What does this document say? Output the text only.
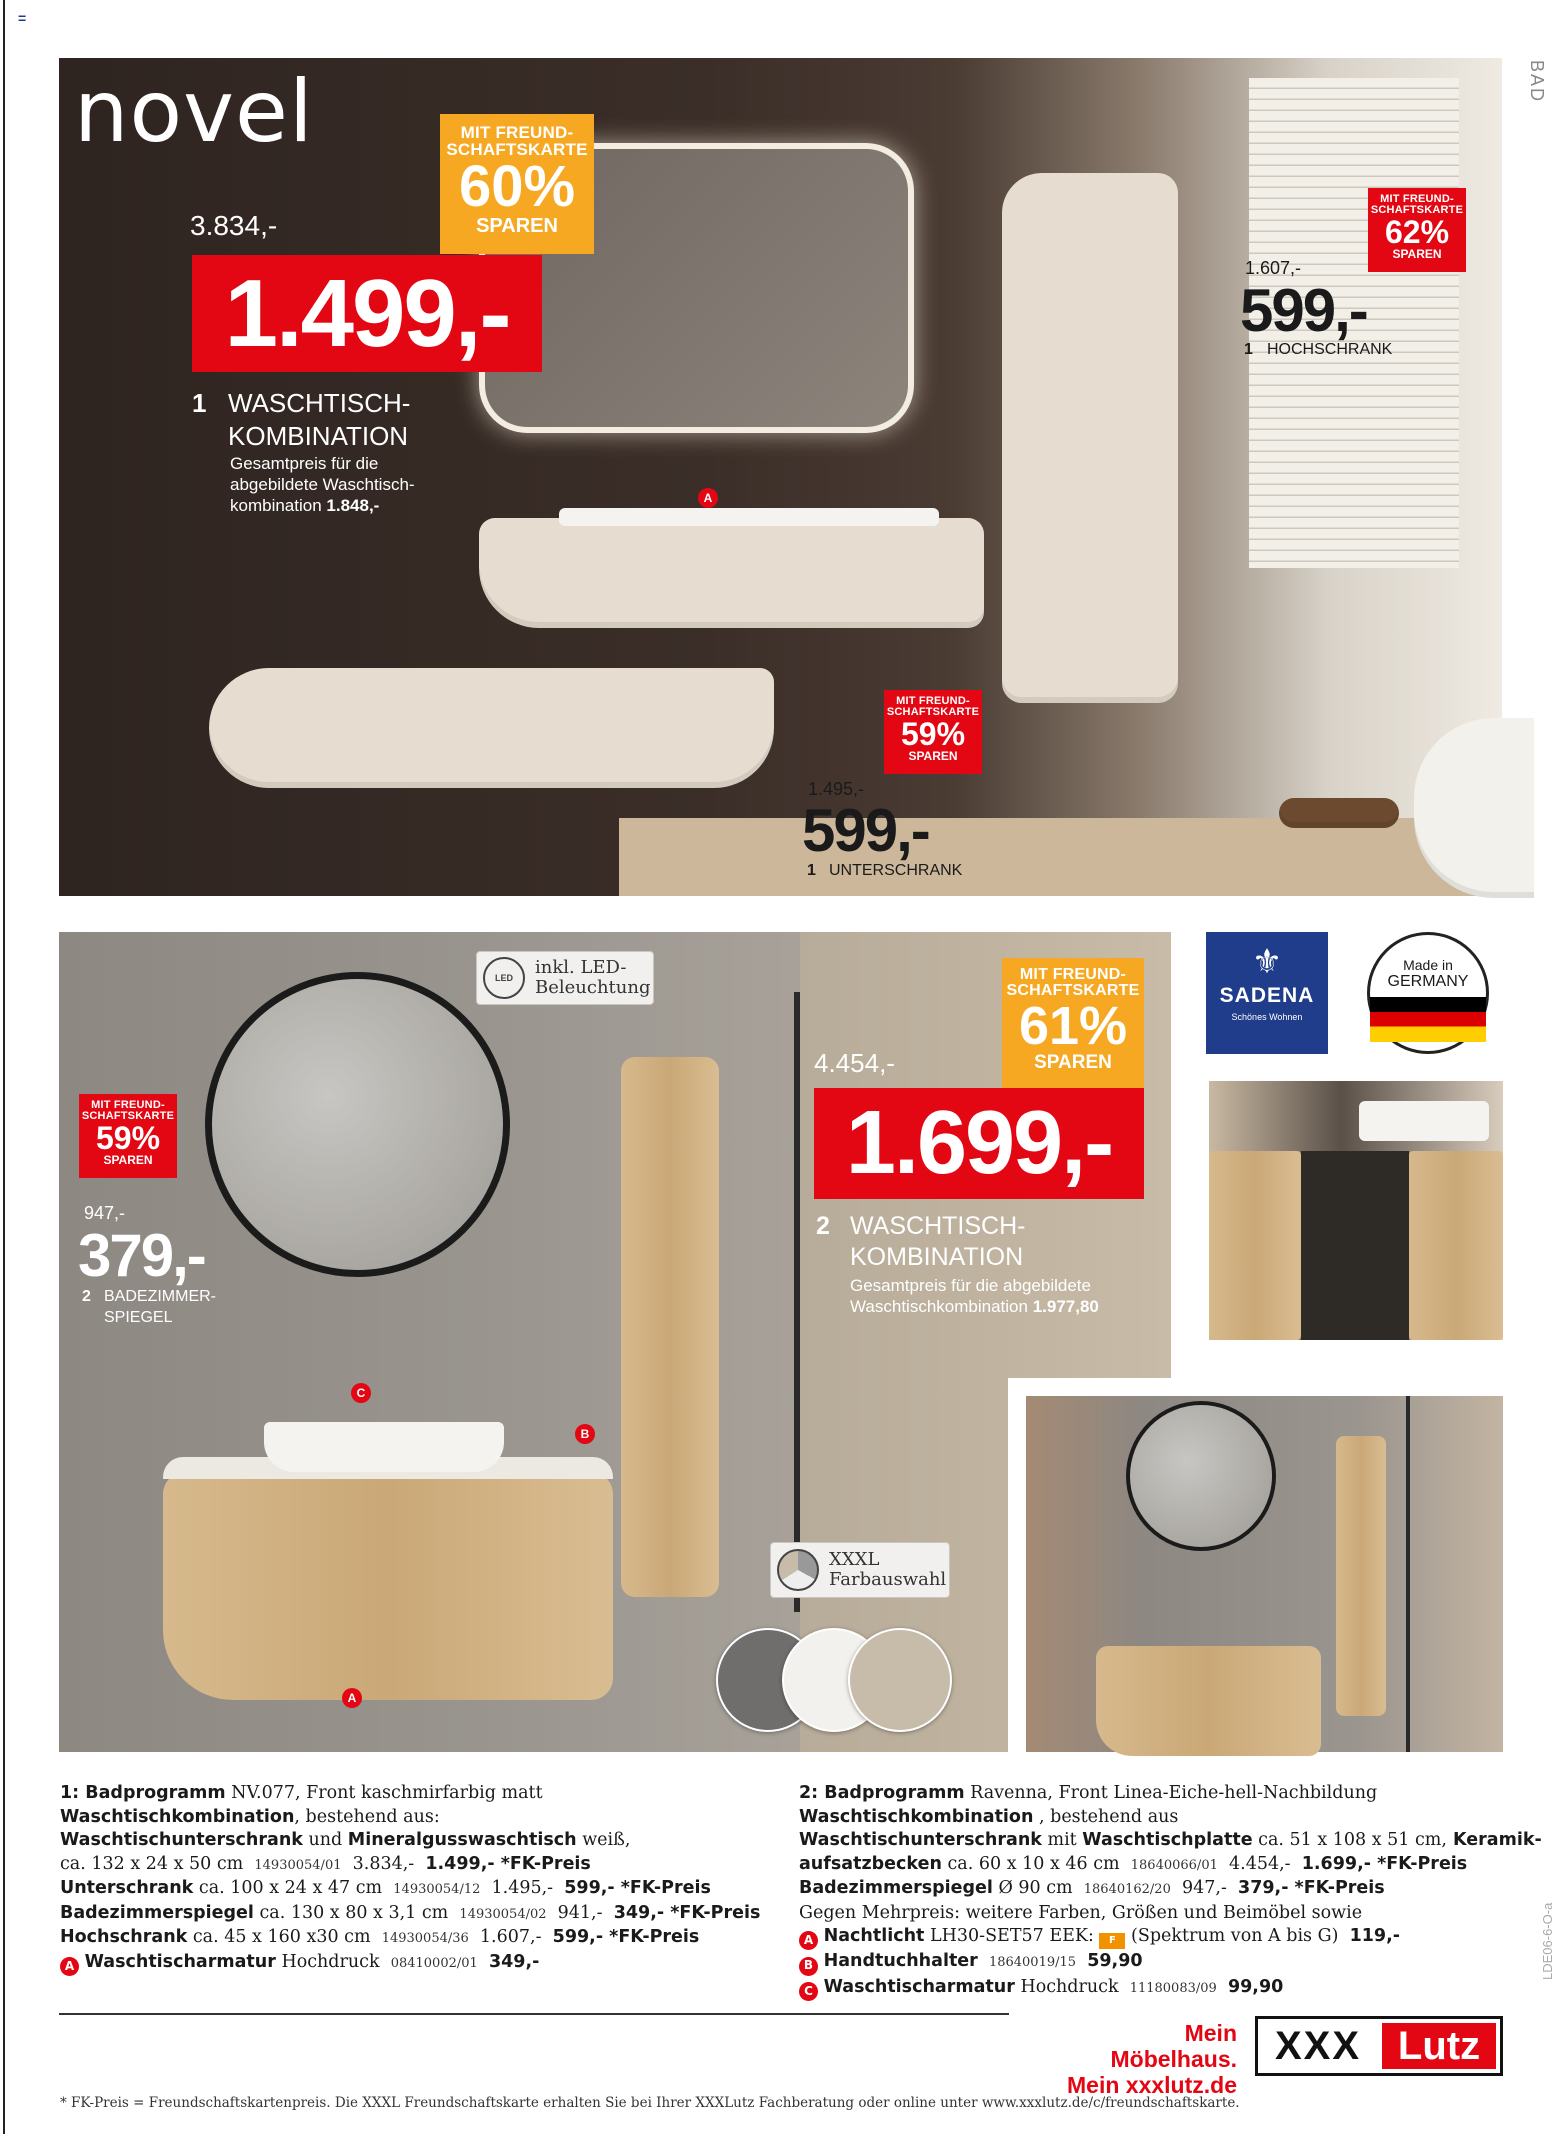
=
BAD
LDE06-6-O-a
novel	MIT FREUND-
SCHAFTSKARTE
60%
SPAREN
3.834,-
1.499,-
1 WASCHTISCH-
KOMBINATION
Gesamtpreis für die
abgebildete Waschtisch-
kombination 1.848,-	A
MIT FREUND-
SCHAFTSKARTE
62%
SPAREN
1.607,-
599,-
1 HOCHSCHRANK
MIT FREUND-
SCHAFTSKARTE
59%
SPAREN
1.495,-
599,-
1 UNTERSCHRANK
LED inkl. LED-
Beleuchtung
MIT FREUND-
SCHAFTSKARTE
61%
SPAREN
4.454,-
1.699,-
2 WASCHTISCH-
KOMBINATION
Gesamtpreis für die abgebildete
Waschtischkombination 1.977,80
MIT FREUND-
SCHAFTSKARTE
59%
SPAREN
947,-
379,-
2 BADEZIMMER-
SPIEGEL
C
B
A
XXXL
Farbauswahl
⚜
SADENA
Schönes Wohnen
Made in
GERMANY
1: Badprogramm NV.077, Front kaschmirfarbig matt
Waschtischkombination, bestehend aus:
Waschtischunterschrank und Mineralgusswaschtisch weiß,
ca. 132 x 24 x 50 cm 14930054/01 3.834,- 1.499,- *FK-Preis
Unterschrank ca. 100 x 24 x 47 cm 14930054/12 1.495,- 599,- *FK-Preis
Badezimmerspiegel ca. 130 x 80 x 3,1 cm 14930054/02 941,- 349,- *FK-Preis
Hochschrank ca. 45 x 160 x30 cm 14930054/36 1.607,- 599,- *FK-Preis
A Waschtischarmatur Hochdruck 08410002/01 349,-
2: Badprogramm Ravenna, Front Linea-Eiche-hell-Nachbildung
Waschtischkombination , bestehend aus
Waschtischunterschrank mit Waschtischplatte ca. 51 x 108 x 51 cm, Keramik-
aufsatzbecken ca. 60 x 10 x 46 cm 18640066/01 4.454,- 1.699,- *FK-Preis
Badezimmerspiegel Ø 90 cm 18640162/20 947,- 379,- *FK-Preis
Gegen Mehrpreis: weitere Farben, Größen und Beimöbel sowie
A Nachtlicht LH30-SET57 EEK: F (Spektrum von A bis G) 119,-
B Handtuchhalter 18640019/15 59,90
C Waschtischarmatur Hochdruck 11180083/09 99,90
Mein Möbelhaus.
Mein xxxlutz.de
XXX Lutz
* FK-Preis = Freundschaftskartenpreis. Die XXXL Freundschaftskarte erhalten Sie bei Ihrer XXXLutz Fachberatung oder online unter www.xxxlutz.de/c/freundschaftskarte.
